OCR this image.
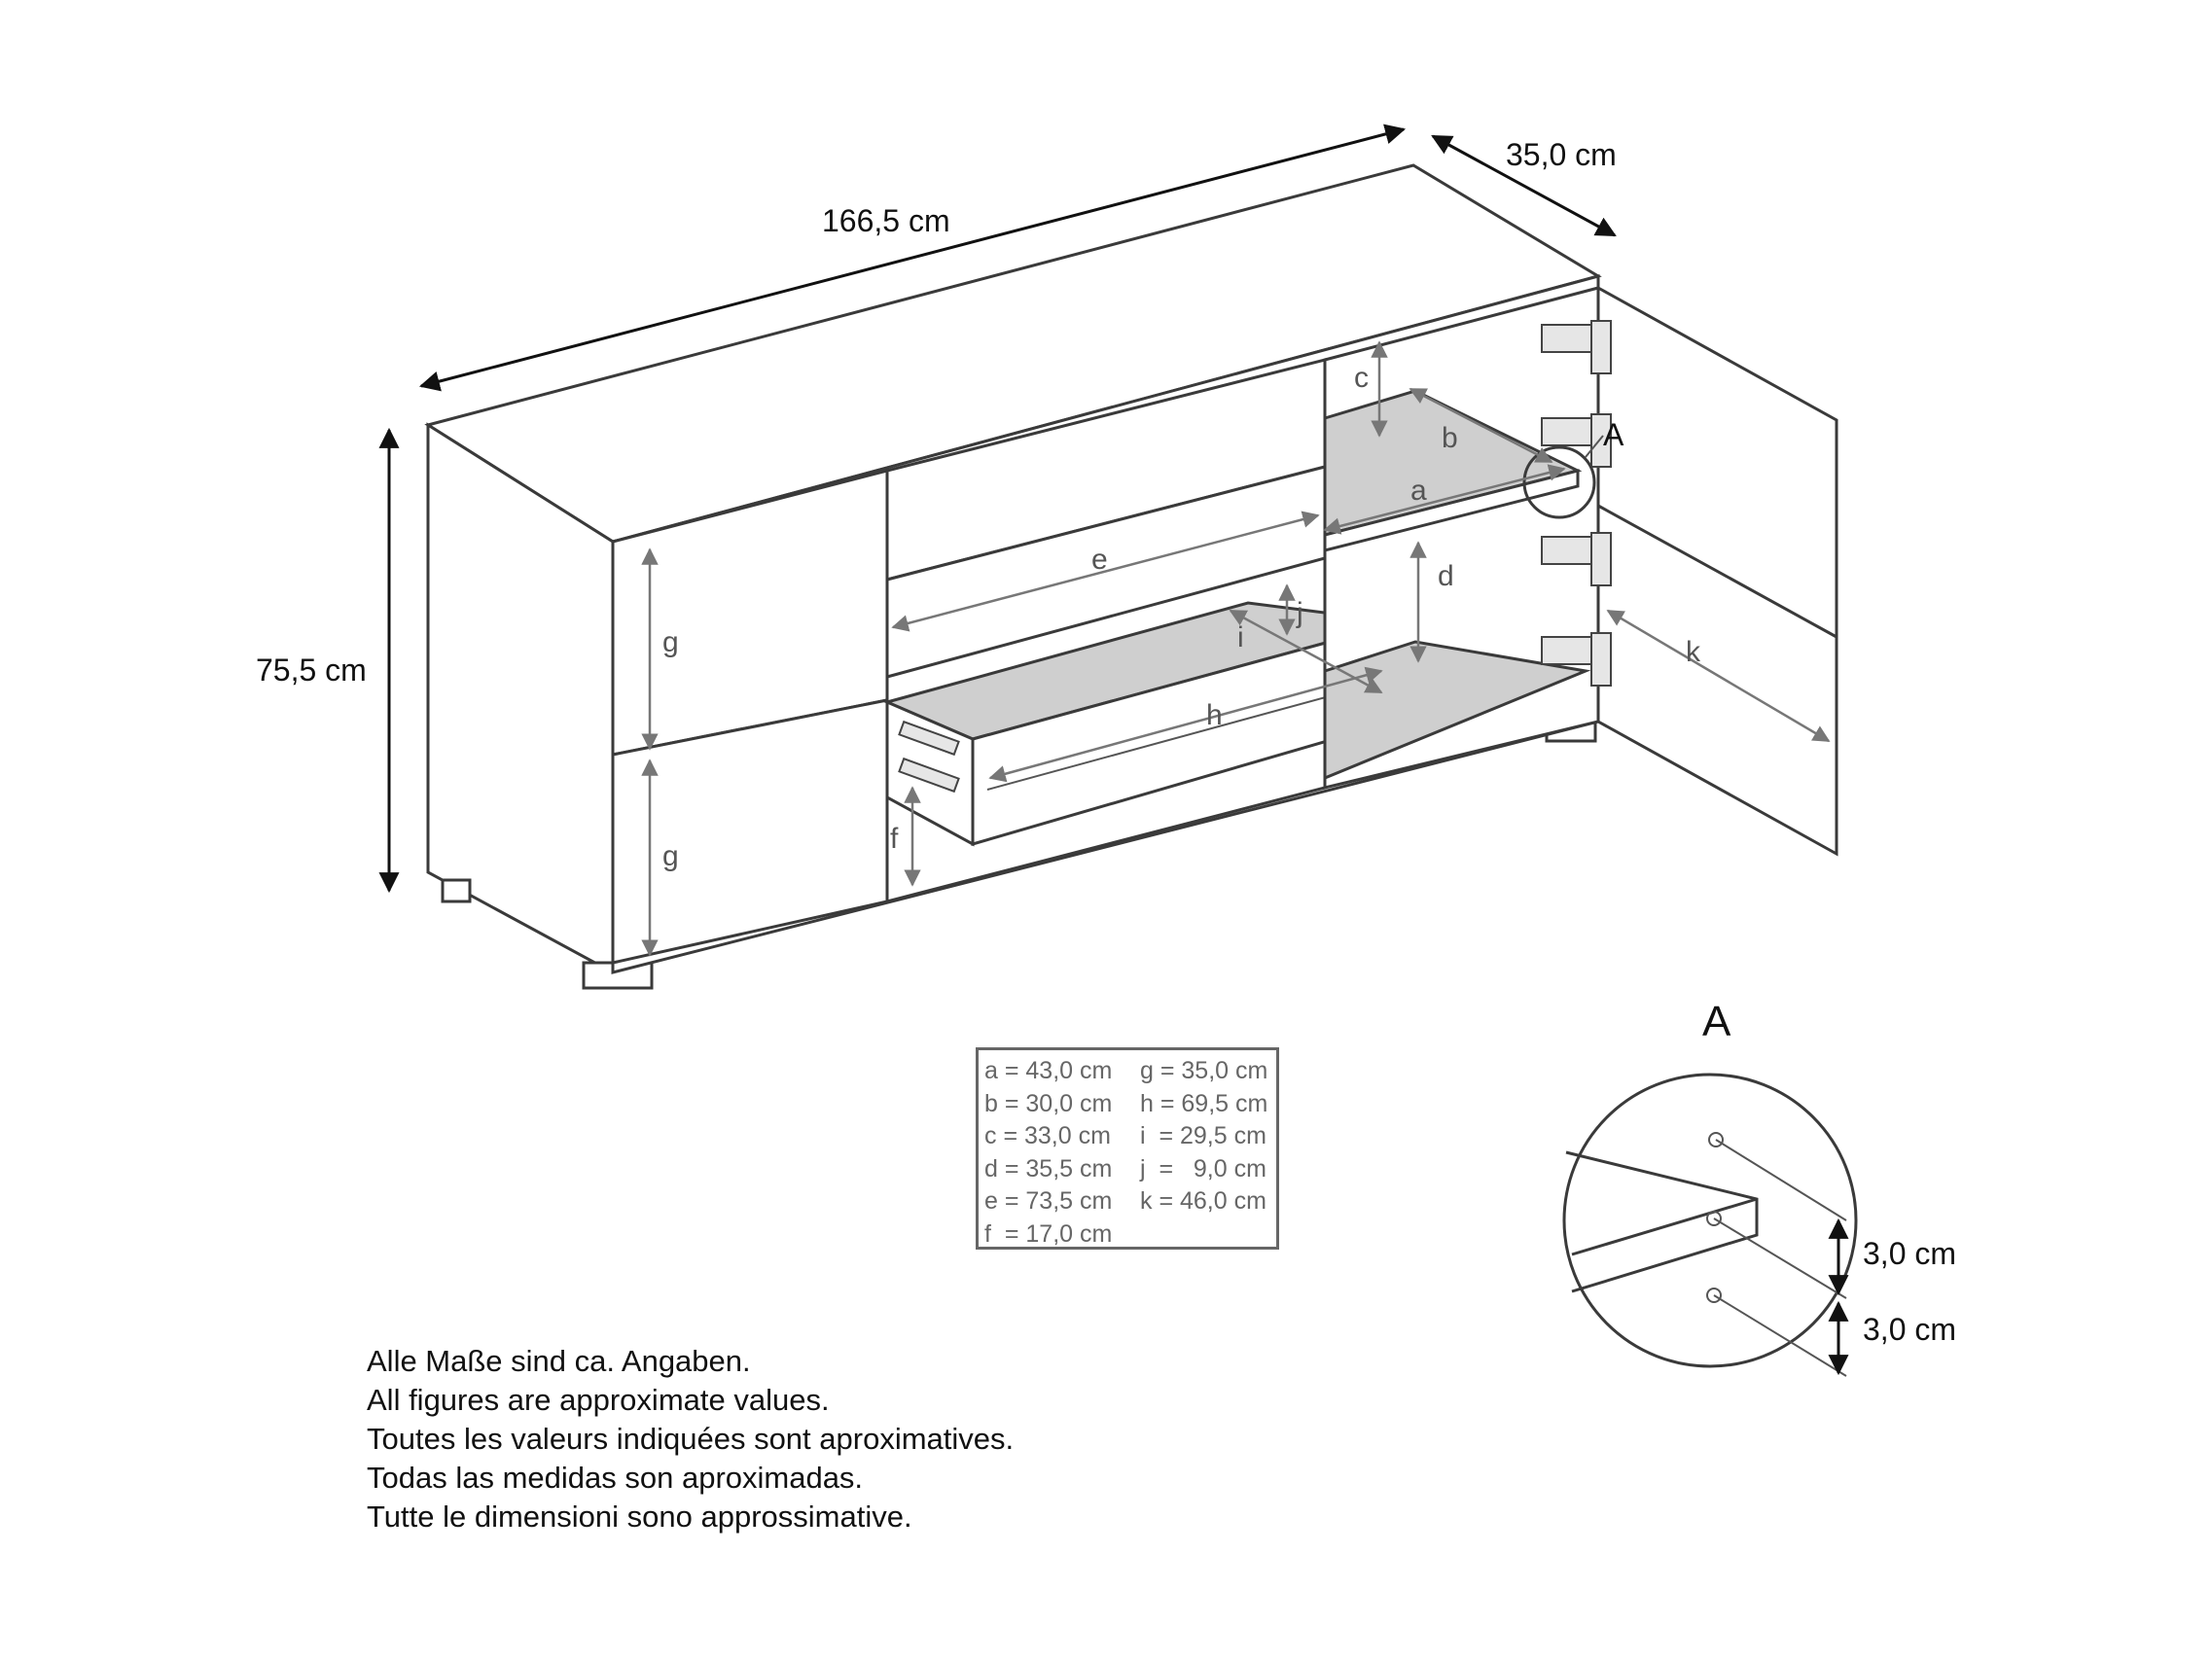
166,5 cm
35,0 cm
75,5 cm
g
g
e
j
i
h
f
c
b
a
d
k
A
A
3,0 cm
3,0 cm
a = 43,0 cm	g = 35,0 cm
b = 30,0 cm	h = 69,5 cm
c = 33,0 cm	i  = 29,5 cm
d = 35,5 cm	j  =   9,0 cm
e = 73,5 cm	k = 46,0 cm
f  = 17,0 cm
Alle Maße sind ca. Angaben.
All figures are approximate values.
Toutes les valeurs indiquées sont aproximatives.
Todas las medidas son aproximadas.
Tutte le dimensioni sono approssimative.
